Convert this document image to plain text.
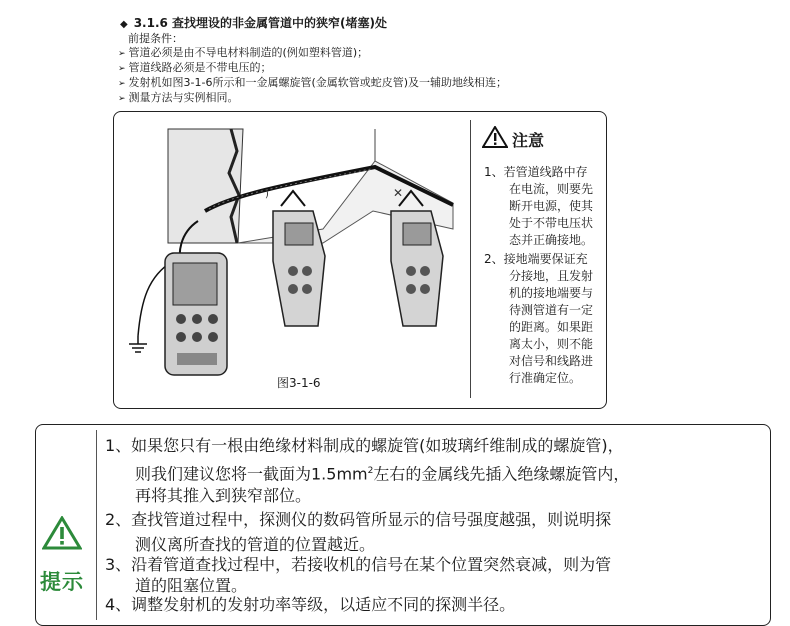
◆ 3.1.6 查找埋设的非金属管道中的狭窄(堵塞)处
前提条件：
➢ 管道必须是由不导电材料制造的(例如塑料管道)；
➢ 管道线路必须是不带电压的；
➢ 发射机如图3-1-6所示和一金属螺旋管(金属软管或蛇皮管)及一辅助地线相连；
➢ 测量方法与实例相同。
)	✕
图3-1-6
注意
1、若管道线路中存
在电流，则要先
断开电源，使其
处于不带电压状
态并正确接地。
2、接地端要保证充
分接地，且发射
机的接地端要与
待测管道有一定
的距离。如果距
离太小，则不能
对信号和线路进
行准确定位。
提示
1、如果您只有一根由绝缘材料制成的螺旋管(如玻璃纤维制成的螺旋管)，
则我们建议您将一截面为$1.5mm^2$左右的金属线先插入绝缘螺旋管内，
再将其推入到狭窄部位。
2、查找管道过程中，探测仪的数码管所显示的信号强度越强，则说明探
测仪离所查找的管道的位置越近。
3、沿着管道查找过程中，若接收机的信号在某个位置突然衰减，则为管
道的阻塞位置。
4、调整发射机的发射功率等级，以适应不同的探测半径。
